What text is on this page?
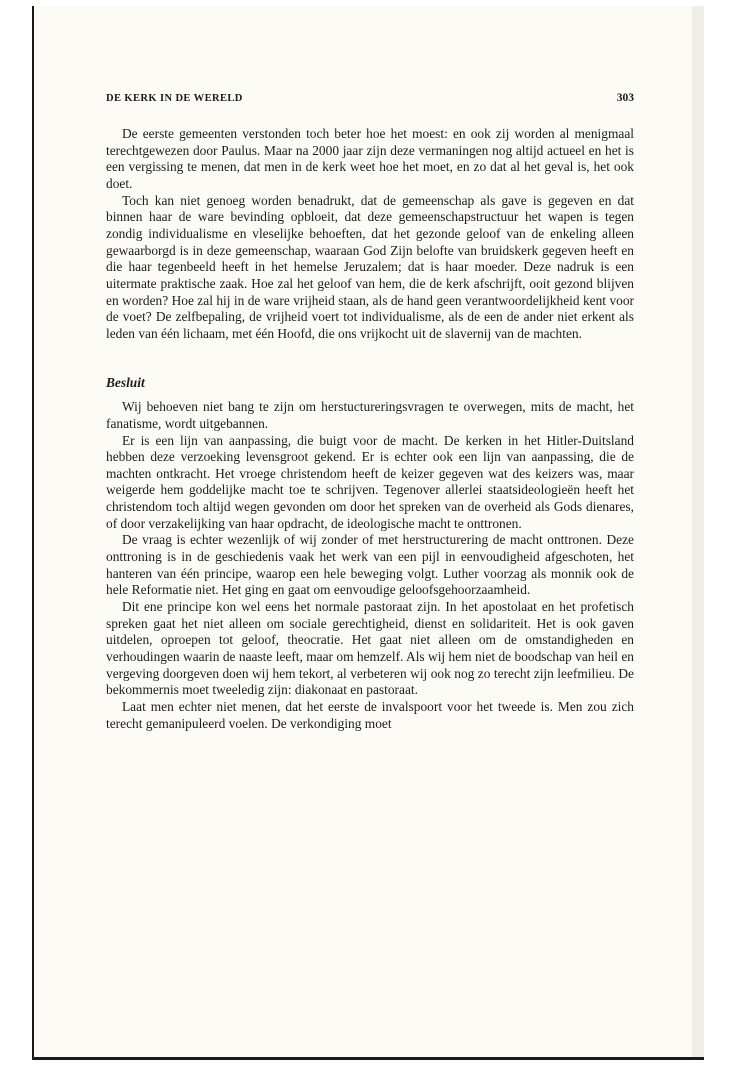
DE KERK IN DE WERELD	303

De eerste gemeenten verstonden toch beter hoe het moest: en ook zij worden al menigmaal terechtgewezen door Paulus. Maar na 2000 jaar zijn deze vermaningen nog altijd actueel en het is een vergissing te menen, dat men in de kerk weet hoe het moet, en zo dat al het geval is, het ook doet.

Toch kan niet genoeg worden benadrukt, dat de gemeenschap als gave is gegeven en dat binnen haar de ware bevinding opbloeit, dat deze gemeenschapstructuur het wapen is tegen zondig individualisme en vleselijke behoeften, dat het gezonde geloof van de enkeling alleen gewaarborgd is in deze gemeenschap, waaraan God Zijn belofte van bruidskerk gegeven heeft en die haar tegenbeeld heeft in het hemelse Jeruzalem; dat is haar moeder. Deze nadruk is een uitermate praktische zaak. Hoe zal het geloof van hem, die de kerk afschrijft, ooit gezond blijven en worden? Hoe zal hij in de ware vrijheid staan, als de hand geen verantwoordelijkheid kent voor de voet? De zelfbepaling, de vrijheid voert tot individualisme, als de een de ander niet erkent als leden van één lichaam, met één Hoofd, die ons vrijkocht uit de slavernij van de machten.

Besluit

Wij behoeven niet bang te zijn om herstuctureringsvragen te overwegen, mits de macht, het fanatisme, wordt uitgebannen.

Er is een lijn van aanpassing, die buigt voor de macht. De kerken in het Hitler-Duitsland hebben deze verzoeking levensgroot gekend. Er is echter ook een lijn van aanpassing, die de machten ontkracht. Het vroege christendom heeft de keizer gegeven wat des keizers was, maar weigerde hem goddelijke macht toe te schrijven. Tegenover allerlei staatsideologieën heeft het christendom toch altijd wegen gevonden om door het spreken van de overheid als Gods dienares, of door verzakelijking van haar opdracht, de ideologische macht te onttronen.

De vraag is echter wezenlijk of wij zonder of met herstructurering de macht onttronen. Deze onttroning is in de geschiedenis vaak het werk van een pijl in eenvoudigheid afgeschoten, het hanteren van één principe, waarop een hele beweging volgt. Luther voorzag als monnik ook de hele Reformatie niet. Het ging en gaat om eenvoudige geloofsgehoorzaamheid.

Dit ene principe kon wel eens het normale pastoraat zijn. In het apostolaat en het profetisch spreken gaat het niet alleen om sociale gerechtigheid, dienst en solidariteit. Het is ook gaven uitdelen, oproepen tot geloof, theocratie. Het gaat niet alleen om de omstandigheden en verhoudingen waarin de naaste leeft, maar om hemzelf. Als wij hem niet de boodschap van heil en vergeving doorgeven doen wij hem tekort, al verbeteren wij ook nog zo terecht zijn leefmilieu. De bekommernis moet tweeledig zijn: diakonaat en pastoraat.

Laat men echter niet menen, dat het eerste de invalspoort voor het tweede is. Men zou zich terecht gemanipuleerd voelen. De verkondiging moet
